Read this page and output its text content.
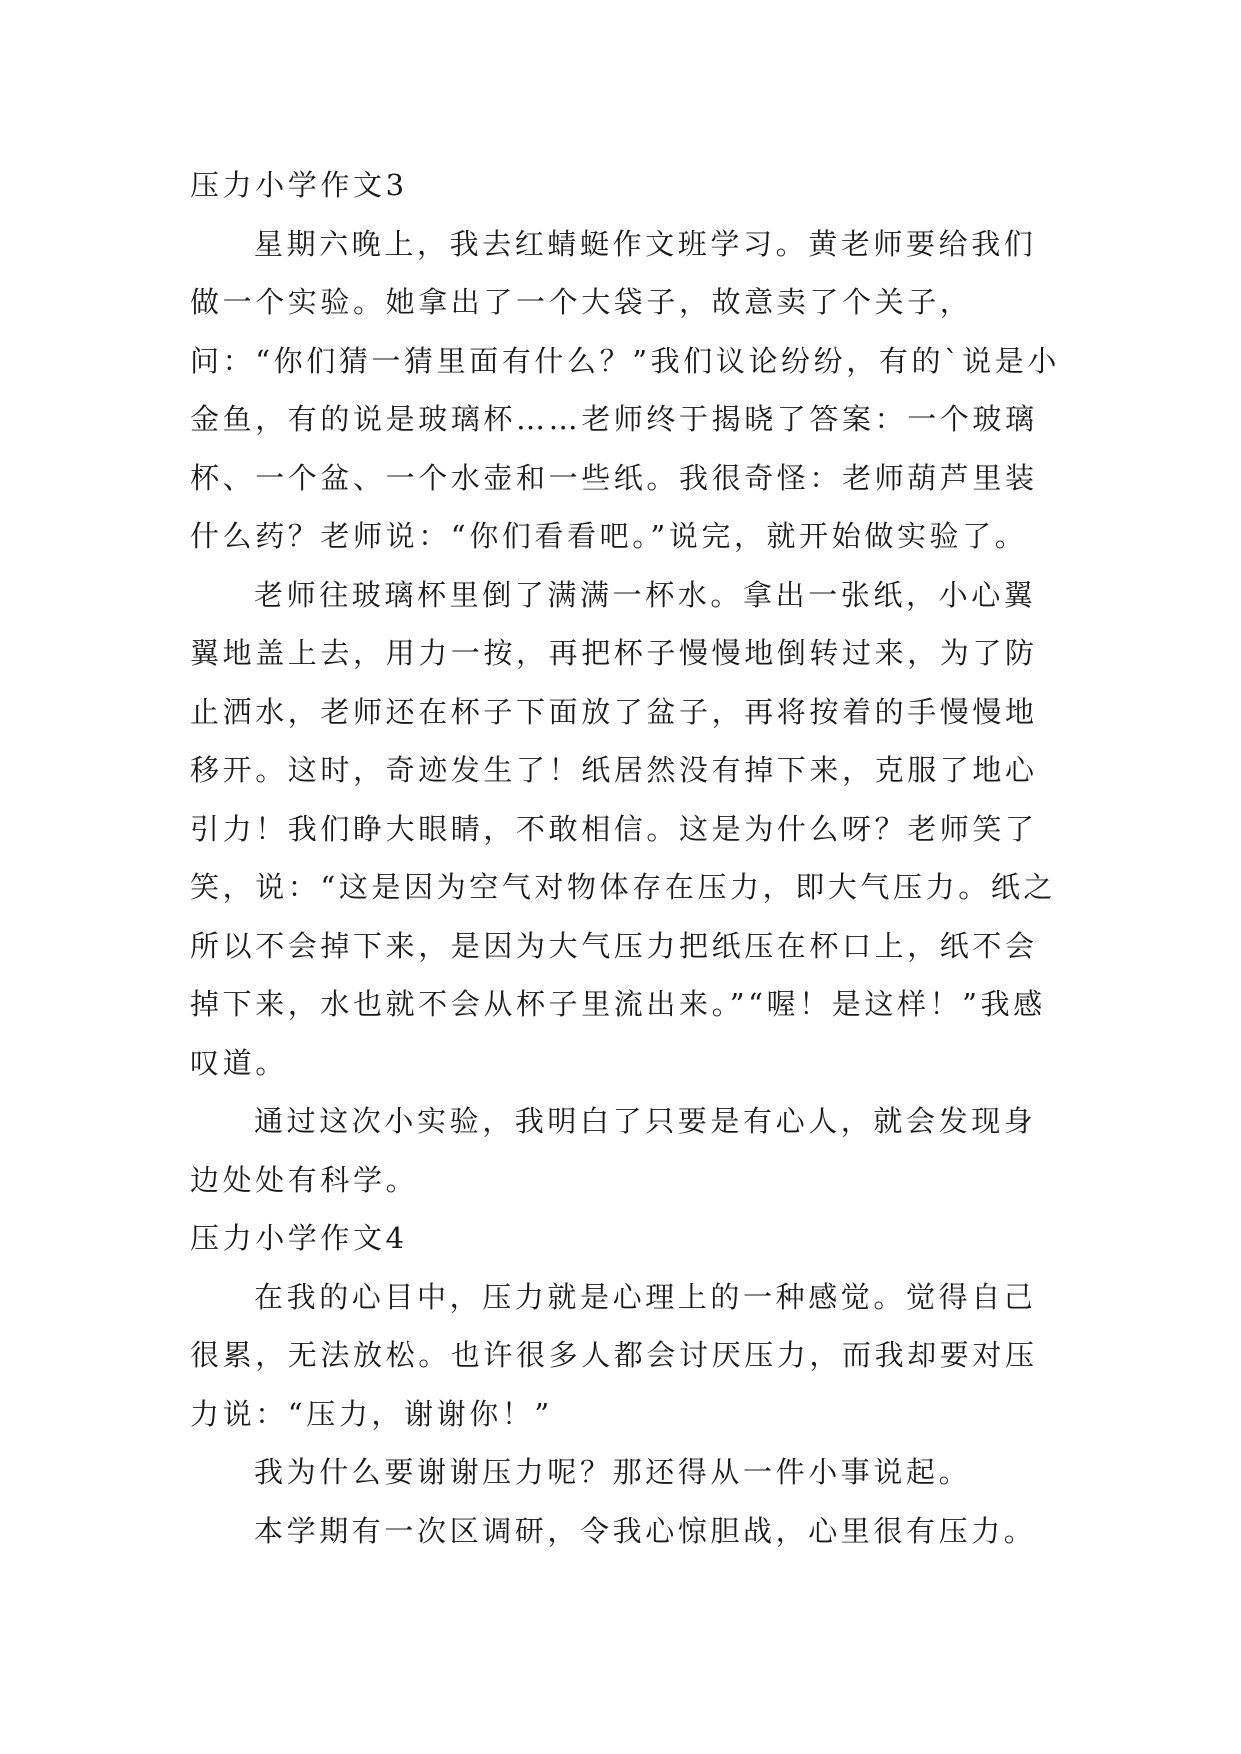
压力小学作文3

星期六晚上，我去红蜻蜓作文班学习。黄老师要给我们做一个实验。她拿出了一个大袋子，故意卖了个关子，问：“你们猜一猜里面有什么？”我们议论纷纷，有的`说是小金鱼，有的说是玻璃杯……老师终于揭晓了答案：一个玻璃杯、一个盆、一个水壶和一些纸。我很奇怪：老师葫芦里装什么药？老师说：“你们看看吧。”说完，就开始做实验了。

老师往玻璃杯里倒了满满一杯水。拿出一张纸，小心翼翼地盖上去，用力一按，再把杯子慢慢地倒转过来，为了防止洒水，老师还在杯子下面放了盆子，再将按着的手慢慢地移开。这时，奇迹发生了！纸居然没有掉下来，克服了地心引力！我们睁大眼睛，不敢相信。这是为什么呀？老师笑了笑，说：“这是因为空气对物体存在压力，即大气压力。纸之所以不会掉下来，是因为大气压力把纸压在杯口上，纸不会掉下来，水也就不会从杯子里流出来。”“喔！是这样！”我感叹道。

通过这次小实验，我明白了只要是有心人，就会发现身边处处有科学。

压力小学作文4

在我的心目中，压力就是心理上的一种感觉。觉得自己很累，无法放松。也许很多人都会讨厌压力，而我却要对压力说：“压力，谢谢你！”

我为什么要谢谢压力呢？那还得从一件小事说起。

本学期有一次区调研，令我心惊胆战，心里很有压力。
